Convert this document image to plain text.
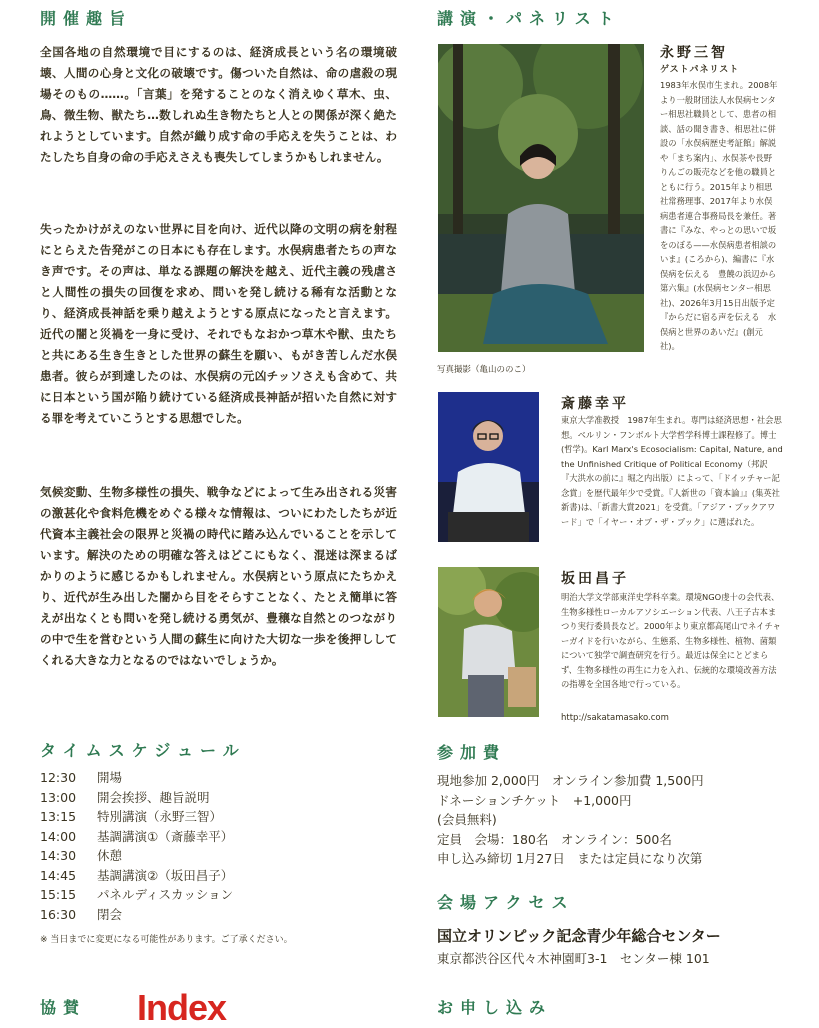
開催趣旨

全国各地の自然環境で目にするのは、経済成長という名の環境破壊、人間の心身と文化の破壊です。傷ついた自然は、命の虐殺の現場そのもの……。「言葉」を発することのなく消えゆく草木、虫、鳥、微生物、獣たち…数しれぬ生き物たちと人との関係が深く絶たれようとしています。自然が織り成す命の手応えを失うことは、わたしたち自身の命の手応えさえも喪失してしまうかもしれません。

失ったかけがえのない世界に目を向け、近代以降の文明の病を射程にとらえた告発がこの日本にも存在します。水俣病患者たちの声なき声です。その声は、単なる課題の解決を越え、近代主義の残虐さと人間性の損失の回復を求め、問いを発し続ける稀有な活動となり、経済成長神話を乗り越えようとする原点になったと言えます。近代の闇と災禍を一身に受け、それでもなおかつ草木や獣、虫たちと共にある生き生きとした世界の蘇生を願い、もがき苦しんだ水俣患者。彼らが到達したのは、水俣病の元凶チッソさえも含めて、共に日本という国が陥り続けている経済成長神話が招いた自然に対する罪を考えていこうとする思想でした。

気候変動、生物多様性の損失、戦争などによって生み出される災害の激甚化や食料危機をめぐる様々な情報は、ついにわたしたちが近代資本主義社会の限界と災禍の時代に踏み込んでいることを示しています。解決のための明確な答えはどこにもなく、混迷は深まるばかりのように感じるかもしれません。水俣病という原点にたちかえり、近代が生み出した闇から目をそらすことなく、たとえ簡単に答えが出なくとも問いを発し続ける勇気が、豊穣な自然とのつながりの中で生を営むという人間の蘇生に向けた大切な一歩を後押ししてくれる大きな力となるのではないでしょうか。

タイムスケジュール
12:30	開場
13:00	開会挨拶、趣旨説明
13:15	特別講演（永野三智）
14:00	基調講演①（斎藤幸平）
14:30	休憩
14:45	基調講演②（坂田昌子）
15:15	パネルディスカッション
16:30	閉会
※ 当日までに変更になる可能性があります。ご了承ください。
協賛 Index
講演・パネリスト
永野三智
ゲストパネリスト

1983年水俣市生まれ。2008年より一般財団法人水俣病センター相思社職員として、患者の相談、話の聞き書き、相思社に併設の「水俣病歴史考証館」解説や「まち案内」、水俣茶や長野りんごの販売などを他の職員とともに行う。2015年より相思社常務理事、2017年より水俣病患者連合事務局長を兼任。著書に『みな、やっとの思いで坂をのぼる——水俣病患者相談のいま』(ころから)、編書に『水俣病を伝える　豊饒の浜辺から　第六集』(水俣病センター相思社)、2026年3月15日出版予定『からだに宿る声を伝える　水俣病と世界のあいだ』(創元社)。

写真撮影（亀山ののこ）
斎藤幸平

東京大学准教授　1987年生まれ。専門は経済思想・社会思想。ベルリン・フンボルト大学哲学科博士課程修了。博士(哲学)。Karl Marx's Ecosocialism: Capital, Nature, and the Unfinished Critique of Political Economy（邦訳『大洪水の前に』堀之内出版）によって、「ドイッチャー記念賞」を歴代最年少で受賞。『人新世の「資本論」』(集英社新書)は、「新書大賞2021」を受賞。「アジア・ブックアワード」で「イヤー・オブ・ザ・ブック」に選ばれた。

坂田昌子

明治大学文学部東洋史学科卒業。環境NGO虔十の会代表、生物多様性ローカルアソシエーション代表、八王子古本まつり実行委員長など。2000年より東京都高尾山でネイチャーガイドを行いながら、生態系、生物多様性、植物、菌類について独学で調査研究を行う。最近は保全にとどまらず、生物多様性の再生に力を入れ、伝統的な環境改善方法の指導を全国各地で行っている。

http://sakatamasako.com
参加費
現地参加 2,000円　オンライン参加費 1,500円
ドネーションチケット　+1,000円
(会員無料)
定員　会場：180名　オンライン：500名
申し込み締切 1月27日　または定員になり次第
会場アクセス
国立オリンピック記念青少年総合センター
東京都渋谷区代々木神園町3-1　センター棟 101
お申し込み
